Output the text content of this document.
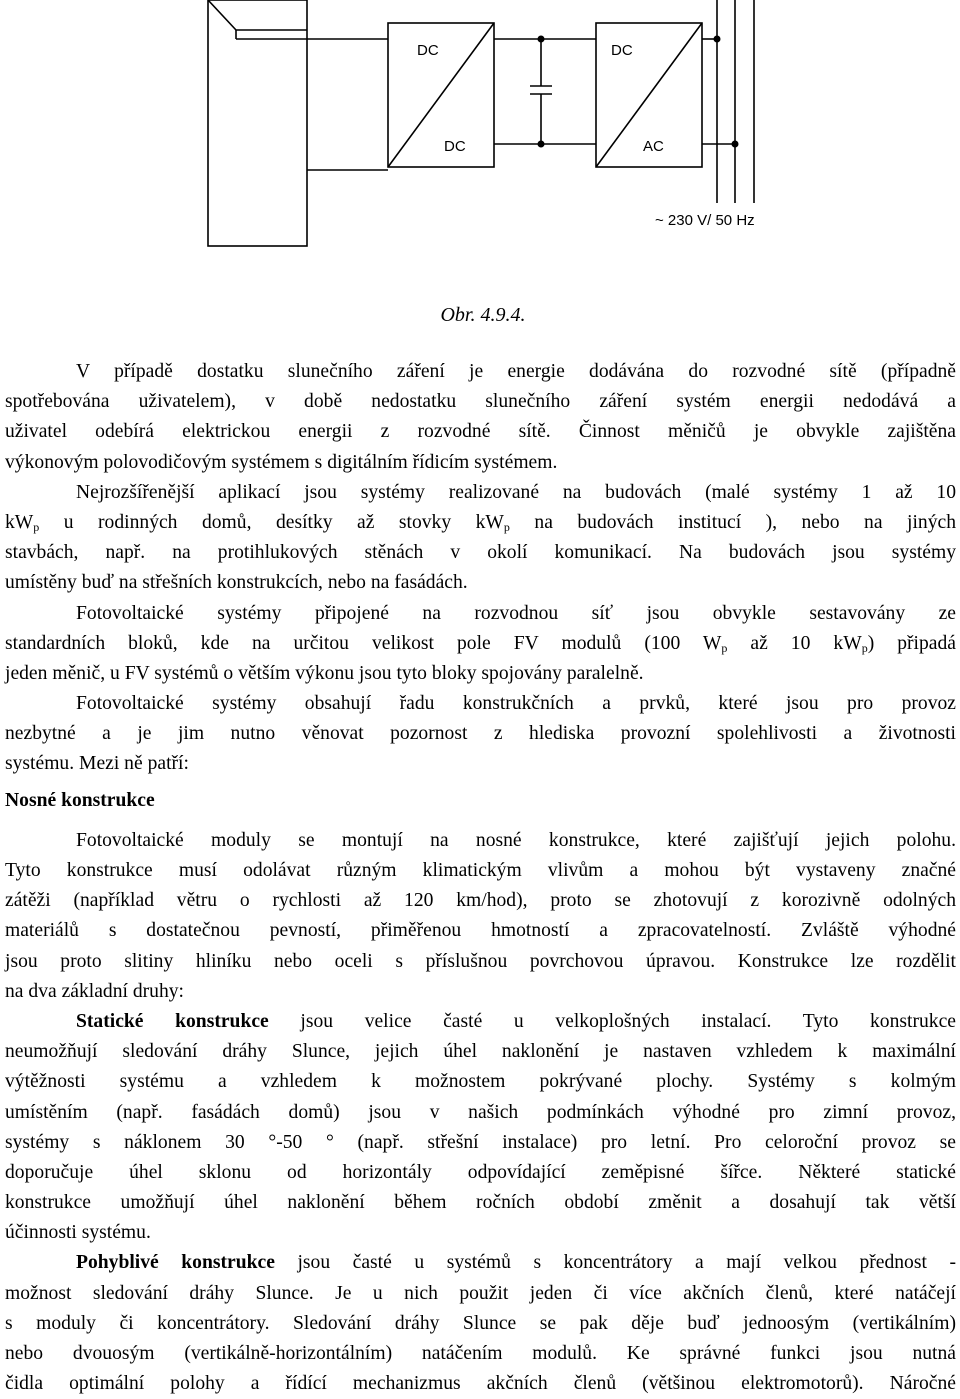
DC
DC
DC
AC
~ 230 V/ 50 Hz
Obr. 4.9.4.
V případě dostatku slunečního záření je energie dodávána do rozvodné sítě (případně
spotřebována uživatelem), v době nedostatku slunečního záření systém energii nedodává a
uživatel odebírá elektrickou energii z rozvodné sítě. Činnost měničů je obvykle zajištěna
výkonovým polovodičovým systémem s digitálním řídicím systémem.
Nejrozšířenější aplikací jsou systémy realizované na budovách (malé systémy 1 až 10
$kW_p$ u rodinných domů, desítky až stovky $kW_p$ na budovách institucí ), nebo na jiných
stavbách, např. na protihlukových stěnách v okolí komunikací. Na budovách jsou systémy
umístěny buď na střešních konstrukcích, nebo na fasádách.
Fotovoltaické systémy připojené na rozvodnou síť jsou obvykle sestavovány ze
standardních bloků, kde na určitou velikost pole FV modulů (100 $W_p$ až 10 $kW_p$) připadá
jeden měnič, u FV systémů o větším výkonu jsou tyto bloky spojovány paralelně.
Fotovoltaické systémy obsahují řadu konstrukčních a prvků, které jsou pro provoz
nezbytné a je jim nutno věnovat pozornost z hlediska provozní spolehlivosti a životnosti
systému. Mezi ně patří:
Nosné konstrukce
Fotovoltaické moduly se montují na nosné konstrukce, které zajišťují jejich polohu.
Tyto konstrukce musí odolávat různým klimatickým vlivům a mohou být vystaveny značné
zátěži (například větru o rychlosti až 120 km/hod), proto se zhotovují z korozivně odolných
materiálů s dostatečnou pevností, přiměřenou hmotností a zpracovatelností. Zvláště výhodné
jsou proto slitiny hliníku nebo oceli s příslušnou povrchovou úpravou. Konstrukce lze rozdělit
na dva základní druhy:
Statické konstrukce jsou velice časté u velkoplošných instalací. Tyto konstrukce
neumožňují sledování dráhy Slunce, jejich úhel naklonění je nastaven vzhledem k maximální
výtěžnosti systému a vzhledem k možnostem pokrývané plochy. Systémy s kolmým
umístěním (např. fasádách domů) jsou v našich podmínkách výhodné pro zimní provoz,
systémy s náklonem 30 °-50 ° (např. střešní instalace) pro letní. Pro celoroční provoz se
doporučuje úhel sklonu od horizontály odpovídající zeměpisné šířce. Některé statické
konstrukce umožňují úhel naklonění během ročních období změnit a dosahují tak větší
účinnosti systému.
Pohyblivé konstrukce jsou časté u systémů s koncentrátory a mají velkou přednost -
možnost sledování dráhy Slunce. Je u nich použit jeden či více akčních členů, které natáčejí
s moduly či koncentrátory. Sledování dráhy Slunce se pak děje buď jednoosým (vertikálním)
nebo dvouosým (vertikálně-horizontálním) natáčením modulů. Ke správné funkci jsou nutná
čidla optimální polohy a řídící mechanizmus akčních členů (většinou elektromotorů). Náročné
